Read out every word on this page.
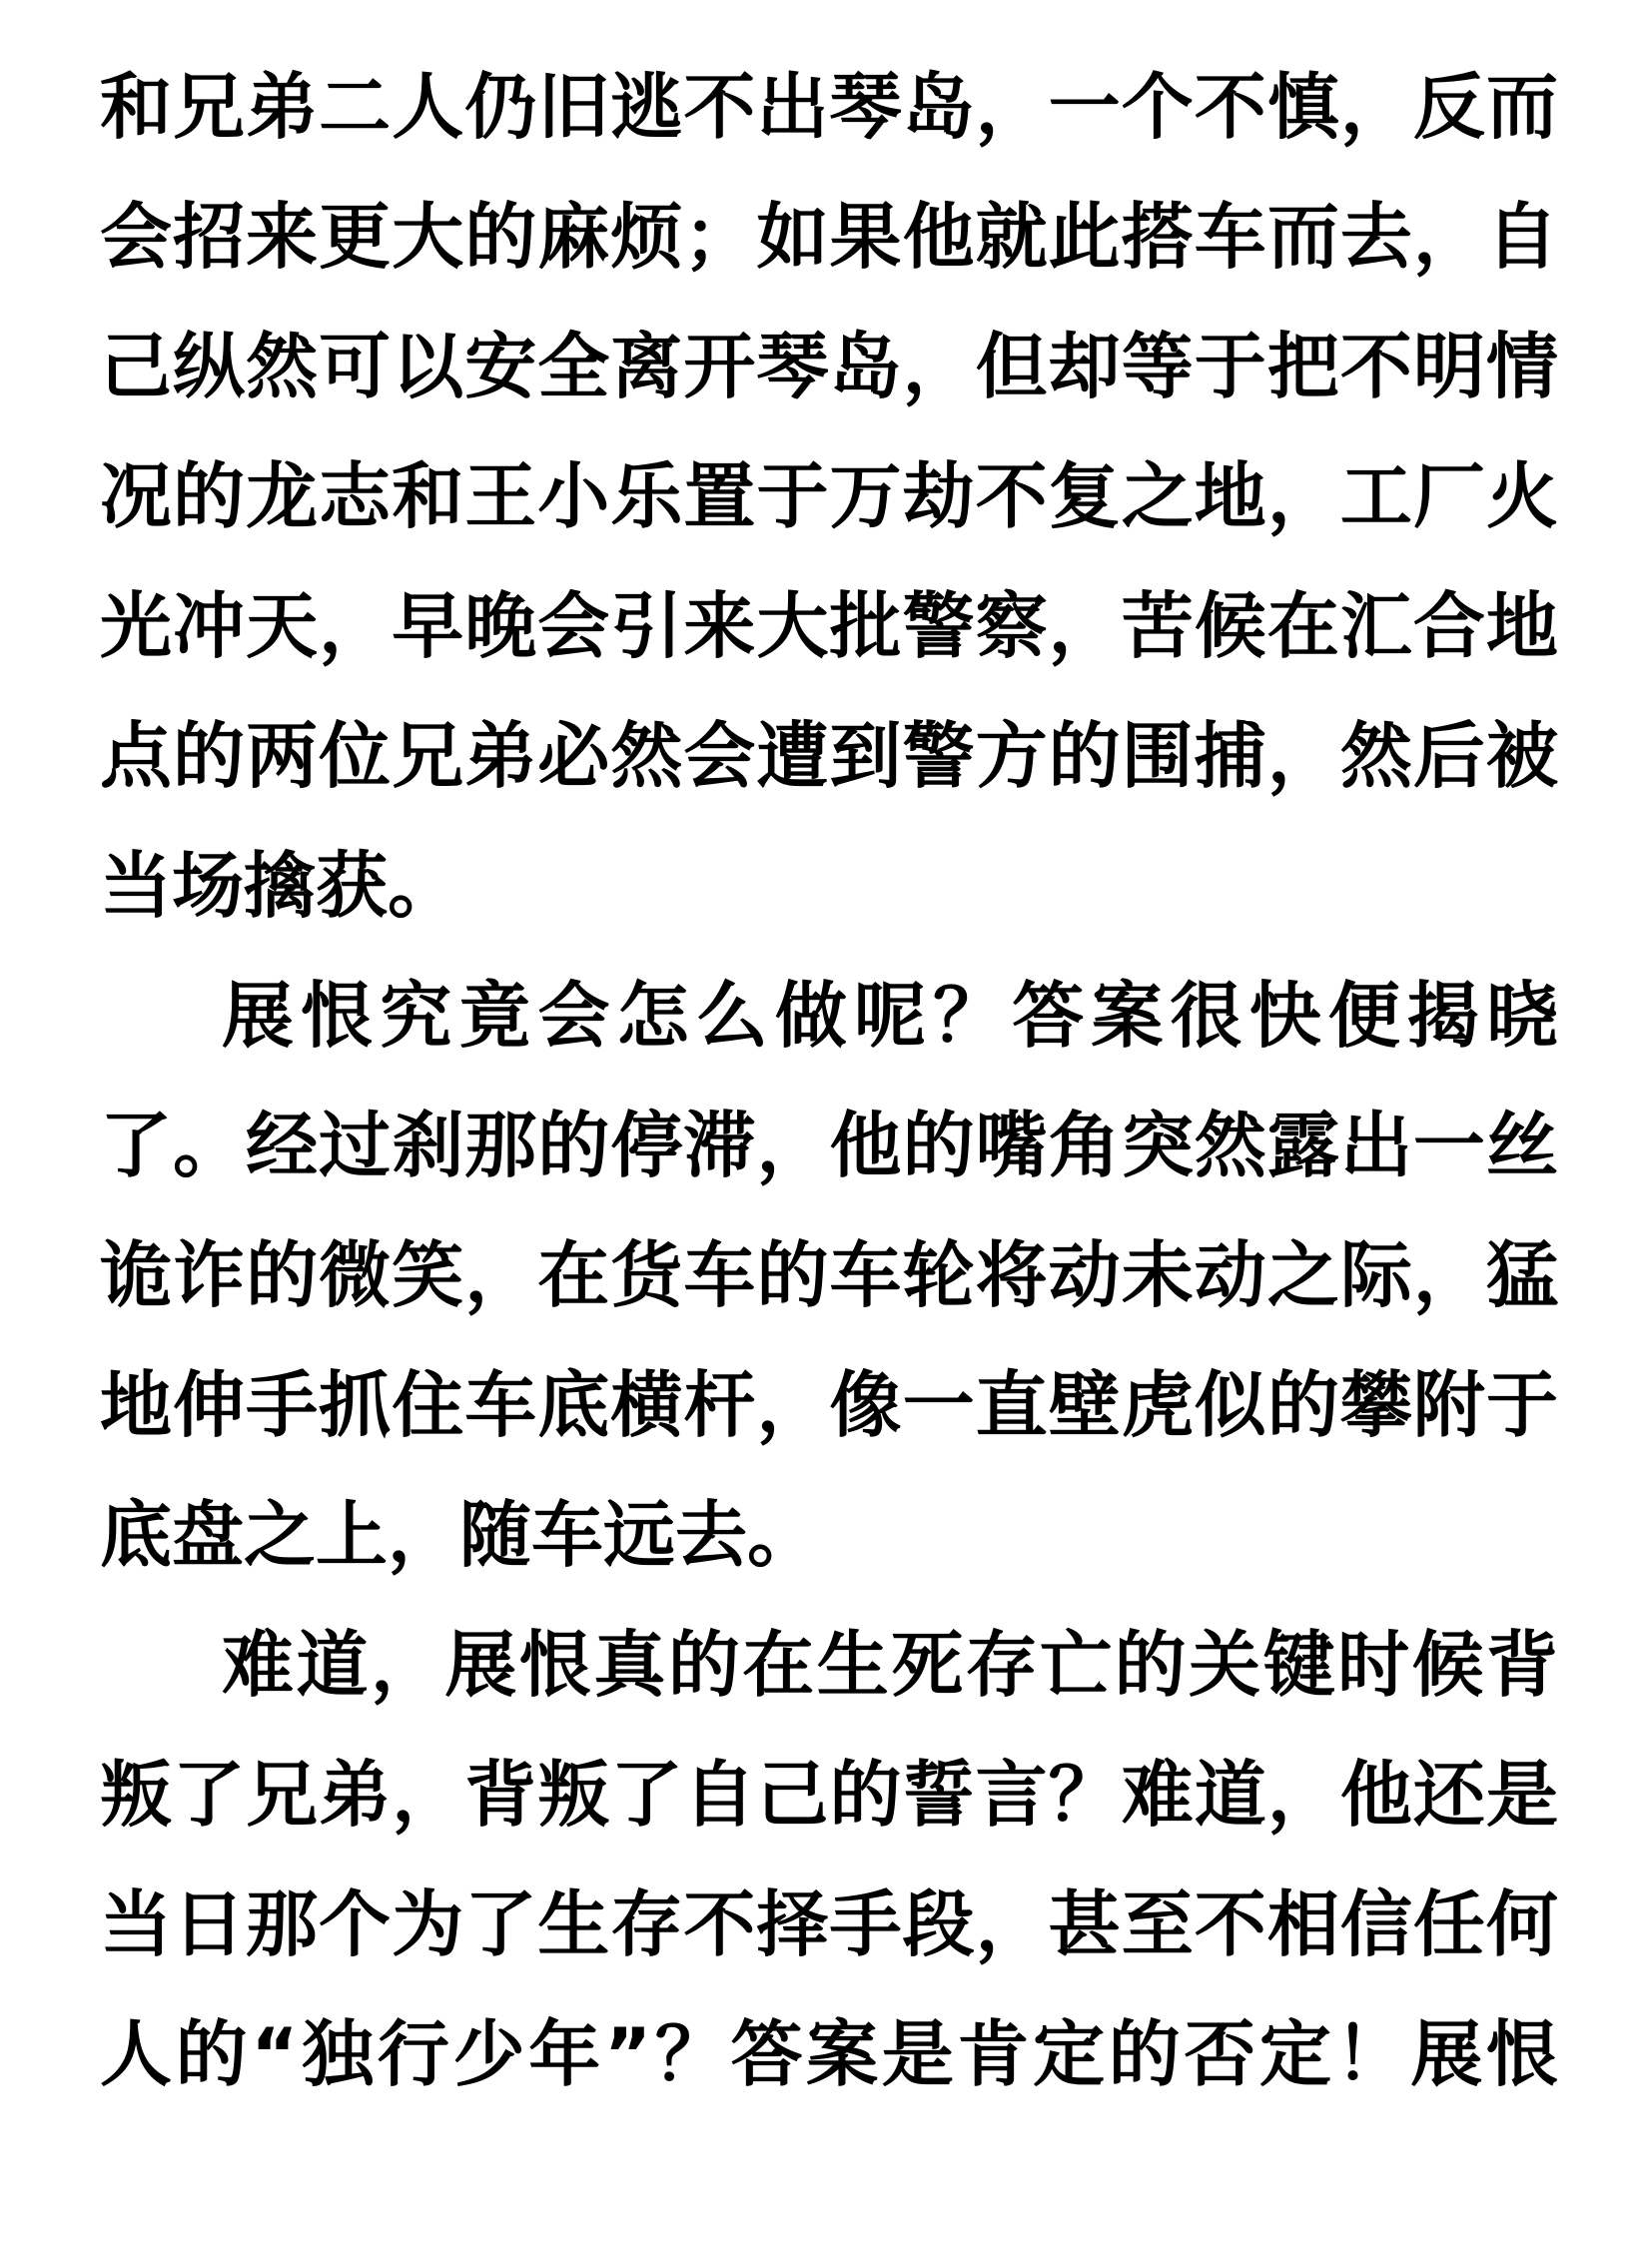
和兄弟二人仍旧逃不出琴岛，一个不慎，反而
会招来更大的麻烦；如果他就此搭车而去，自
己纵然可以安全离开琴岛，但却等于把不明情
况的龙志和王小乐置于万劫不复之地，工厂火
光冲天，早晚会引来大批警察，苦候在汇合地
点的两位兄弟必然会遭到警方的围捕，然后被
当场擒获。
展恨究竟会怎么做呢？答案很快便揭晓
了。经过刹那的停滞，他的嘴角突然露出一丝
诡诈的微笑，在货车的车轮将动未动之际，猛
地伸手抓住车底横杆，像一直壁虎似的攀附于
底盘之上，随车远去。
难道，展恨真的在生死存亡的关键时候背
叛了兄弟，背叛了自己的誓言？难道，他还是
当日那个为了生存不择手段，甚至不相信任何
人的“独行少年”？答案是肯定的否定！展恨
